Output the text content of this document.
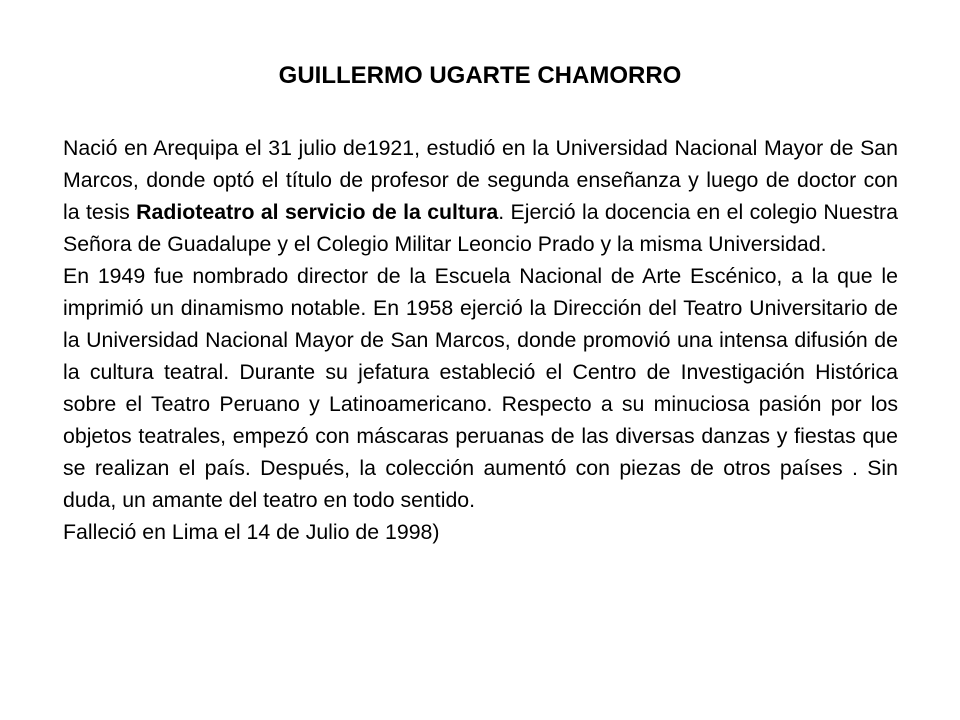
GUILLERMO UGARTE CHAMORRO

Nació en Arequipa el 31 julio de1921, estudió en la Universidad Nacional Mayor de San Marcos, donde optó el título de profesor de segunda enseñanza y luego de doctor con la tesis Radioteatro al servicio de la cultura. Ejerció la docencia en el colegio Nuestra Señora de Guadalupe y el Colegio Militar Leoncio Prado y la misma Universidad.

En 1949 fue nombrado director de la Escuela Nacional de Arte Escénico, a la que le imprimió un dinamismo notable. En 1958 ejerció la Dirección del Teatro Universitario de la Universidad Nacional Mayor de San Marcos, donde promovió una intensa difusión de la cultura teatral. Durante su jefatura estableció el Centro de Investigación Histórica sobre el Teatro Peruano y Latinoamericano. Respecto a su minuciosa pasión por los objetos teatrales, empezó con máscaras peruanas de las diversas danzas y fiestas que se realizan el país. Después, la colección aumentó con piezas de otros países . Sin duda, un amante del teatro en todo sentido.

Falleció en Lima el 14 de Julio de 1998)
